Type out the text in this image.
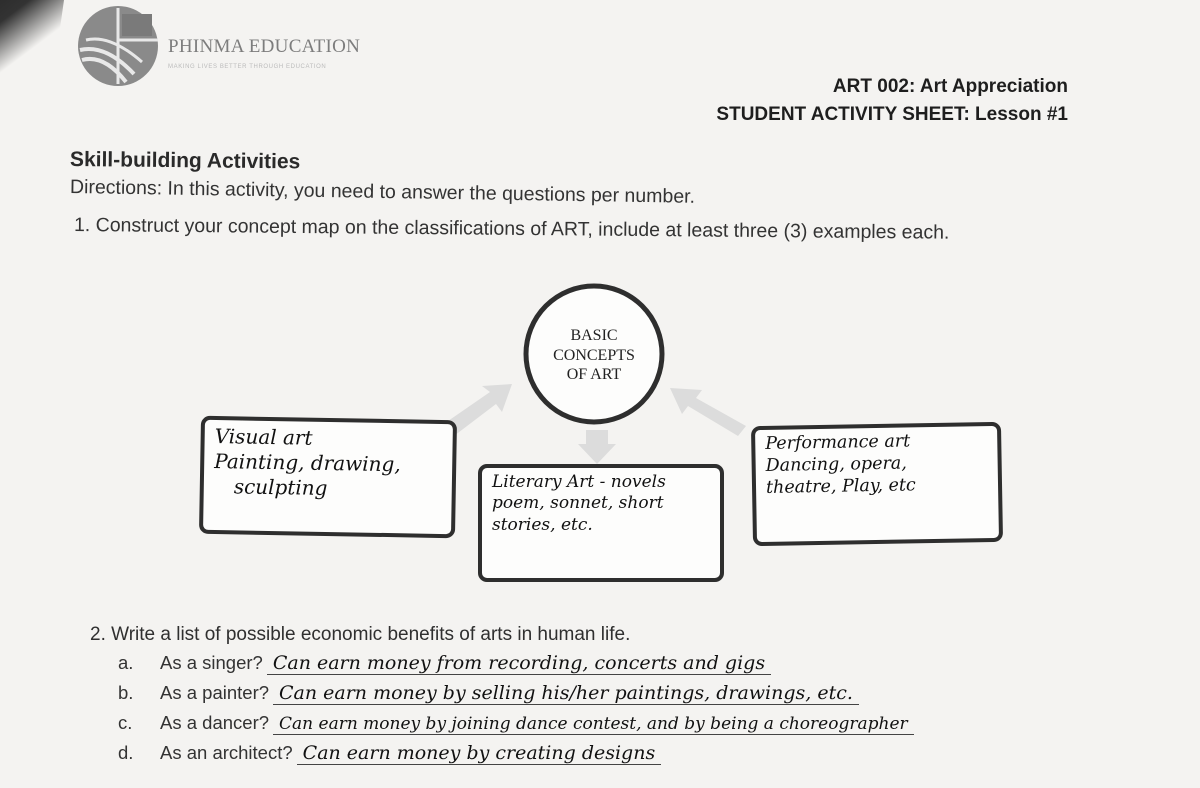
PHINMA EDUCATION
MAKING LIVES BETTER THROUGH EDUCATION
ART 002: Art Appreciation
STUDENT ACTIVITY SHEET: Lesson #1
Skill-building Activities
Directions: In this activity, you need to answer the questions per number.
1. Construct your concept map on the classifications of ART, include at least three (3) examples each.
BASIC
CONCEPTS
OF ART
Visual art
Painting, drawing,
sculpting	Literary Art - novels
poem, sonnet, short
stories, etc.
Performance art
Dancing, opera,
theatre, Play, etc
2. Write a list of possible economic benefits of arts in human life.
a. As a singer? Can earn money from recording, concerts and gigs
b. As a painter? Can earn money by selling his/her paintings, drawings, etc.
c. As a dancer? Can earn money by joining dance contest, and by being a choreographer
d. As an architect? Can earn money by creating designs
